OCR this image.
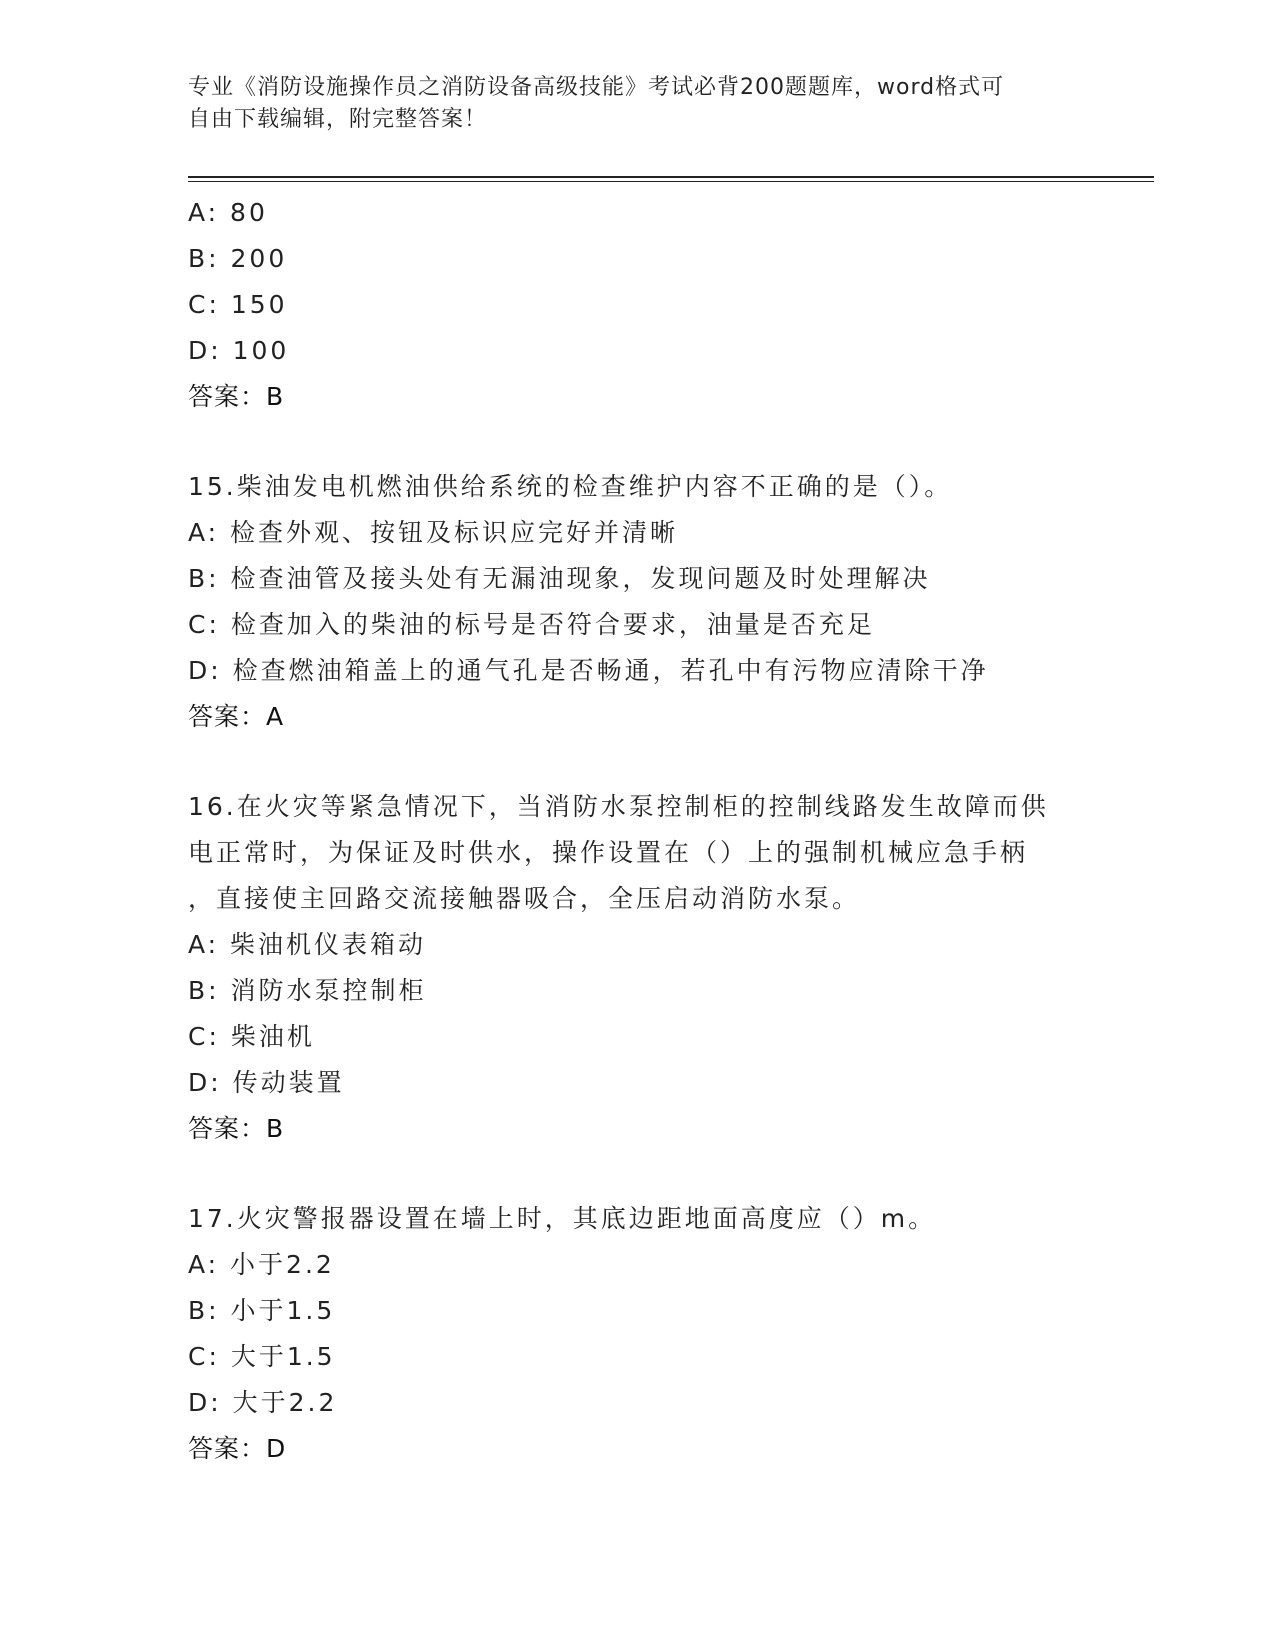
专业《消防设施操作员之消防设备高级技能》考试必背200题题库，word格式可
自由下载编辑，附完整答案！
A: 80
B: 200
C: 150
D: 100
答案：B
15.柴油发电机燃油供给系统的检查维护内容不正确的是（）。
A: 检查外观、按钮及标识应完好并清晰
B: 检查油管及接头处有无漏油现象，发现问题及时处理解决
C: 检查加入的柴油的标号是否符合要求，油量是否充足
D: 检查燃油箱盖上的通气孔是否畅通，若孔中有污物应清除干净
答案：A
16.在火灾等紧急情况下，当消防水泵控制柜的控制线路发生故障而供
电正常时，为保证及时供水，操作设置在（）上的强制机械应急手柄
，直接使主回路交流接触器吸合，全压启动消防水泵。
A: 柴油机仪表箱动
B: 消防水泵控制柜
C: 柴油机
D: 传动装置
答案：B
17.火灾警报器设置在墙上时，其底边距地面高度应（）m。
A: 小于2.2
B: 小于1.5
C: 大于1.5
D: 大于2.2
答案：D
